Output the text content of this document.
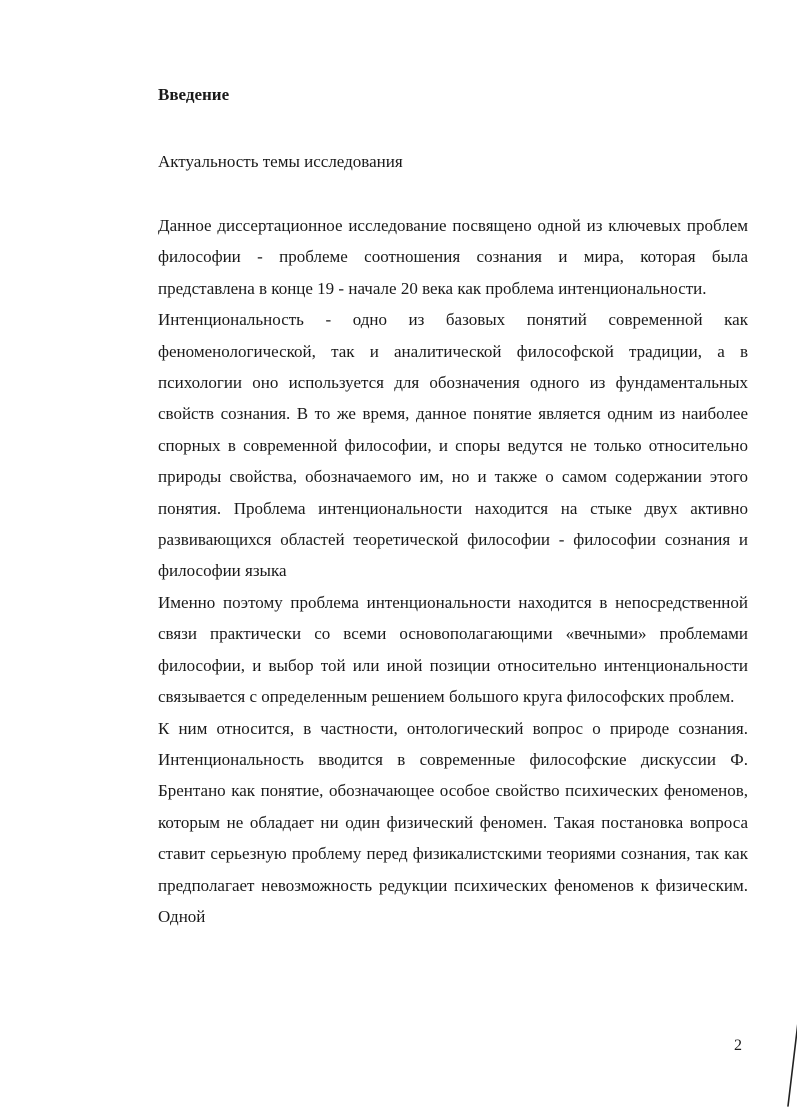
Введение

Актуальность темы исследования

Данное диссертационное исследование посвящено одной из ключевых проблем философии - проблеме соотношения сознания и мира, которая была представлена в конце 19 - начале 20 века как проблема интенциональности.

Интенциональность - одно из базовых понятий современной как феноменологической, так и аналитической философской традиции, а в психологии оно используется для обозначения одного из фундаментальных свойств сознания. В то же время, данное понятие является одним из наиболее спорных в современной философии, и споры ведутся не только относительно природы свойства, обозначаемого им, но и также о самом содержании этого понятия. Проблема интенциональности находится на стыке двух активно развивающихся областей теоретической философии - философии сознания и философии языка

Именно поэтому проблема интенциональности находится в непосредственной связи практически со всеми основополагающими «вечными» проблемами философии, и выбор той или иной позиции относительно интенциональности связывается с определенным решением большого круга философских проблем.

К ним относится, в частности, онтологический вопрос о природе сознания. Интенциональность вводится в современные философские дискуссии Ф. Брентано как понятие, обозначающее особое свойство психических феноменов, которым не обладает ни один физический феномен. Такая постановка вопроса ставит серьезную проблему перед физикалистскими теориями сознания, так как предполагает невозможность редукции психических феноменов к физическим. Одной

2
